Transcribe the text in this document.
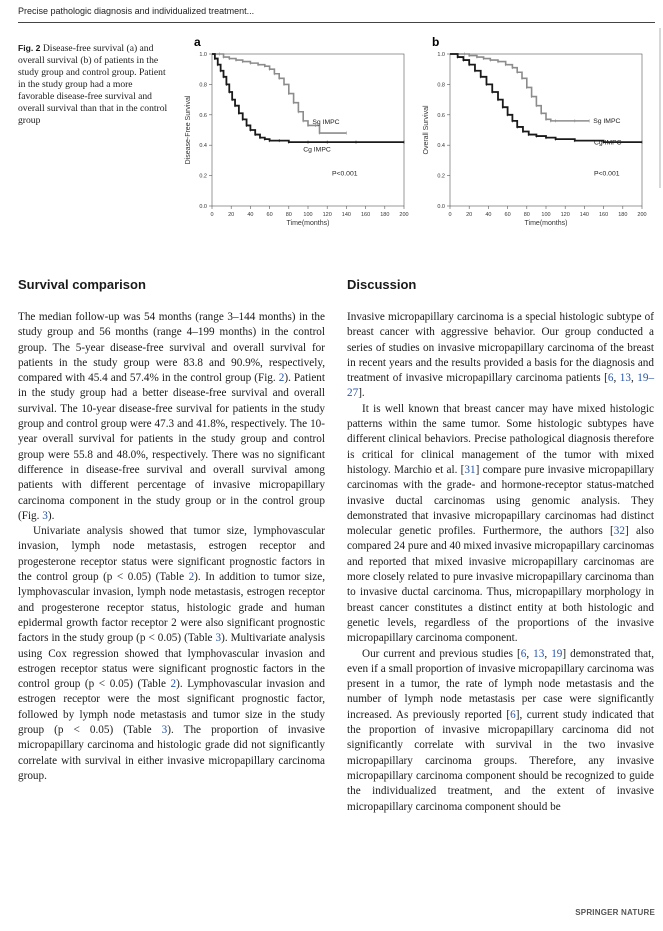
Precise pathologic diagnosis and individualized treatment...
Fig. 2 Disease-free survival (a) and overall survival (b) of patients in the study group and control group. Patient in the study group had a more favorable disease-free survival and overall survival than that in the control group
a
0.0
0.2
0.4
0.6
0.8
1.0
0	20 40 60 80 100 120 140 160 180 200
Time(months)
Disease-Free Survival	Sg IMPC
Cg IMPC
P<0.001
b
0.0
0.2
0.4
0.6
0.8
1.0
0	20 40 60 80 100 120 140 160 180 200
Time(months)
Overall Survival	Sg IMPC
Cg IMPC
P<0.001
Survival comparison	Discussion

The median follow-up was 54 months (range 3–144 months) in the study group and 56 months (range 4–199 months) in the control group. The 5-year disease-free survival and overall survival for patients in the study group were 83.8 and 90.9%, respectively, compared with 45.4 and 57.4% in the control group (Fig. 2). Patient in the study group had a better disease-free survival and overall survival. The 10-year disease-free survival for patients in the study group and control group were 47.3 and 41.8%, respectively. The 10-year overall survival for patients in the study group and control group were 55.8 and 48.0%, respectively. There was no significant difference in disease-free survival and overall survival among patients with different percentage of invasive micropapillary carcinoma component in the study group or in the control group (Fig. 3).

Univariate analysis showed that tumor size, lymphovascular invasion, lymph node metastasis, estrogen receptor and progesterone receptor status were significant prognostic factors in the control group (p < 0.05) (Table 2). In addition to tumor size, lymphovascular invasion, lymph node metastasis, estrogen receptor and progesterone receptor status, histologic grade and human epidermal growth factor receptor 2 were also significant prognostic factors in the study group (p < 0.05) (Table 3). Multivariate analysis using Cox regression showed that lymphovascular invasion and estrogen receptor status were significant prognostic factors in the control group (p < 0.05) (Table 2). Lymphovascular invasion and estrogen receptor were the most significant prognostic factor, followed by lymph node metastasis and tumor size in the study group (p < 0.05) (Table 3). The proportion of invasive micropapillary carcinoma and histologic grade did not significantly correlate with survival in either invasive micropapillary carcinoma group.

Invasive micropapillary carcinoma is a special histologic subtype of breast cancer with aggressive behavior. Our group conducted a series of studies on invasive micropapillary carcinoma of the breast in recent years and the results provided a basis for the diagnosis and treatment of invasive micropapillary carcinoma patients [6, 13, 19–27].

It is well known that breast cancer may have mixed histologic patterns within the same tumor. Some histologic subtypes have different clinical behaviors. Precise pathological diagnosis therefore is critical for clinical management of the tumor with mixed histology. Marchio et al. [31] compare pure invasive micropapillary carcinomas with the grade- and hormone-receptor status-matched invasive ductal carcinomas using genomic analysis. They demonstrated that invasive micropapillary carcinomas had distinct molecular genetic profiles. Furthermore, the authors [32] also compared 24 pure and 40 mixed invasive micropapillary carcinomas and reported that mixed invasive micropapillary carcinomas are more closely related to pure invasive micropapillary carcinoma than to invasive ductal carcinoma. Thus, micropapillary morphology in breast cancer constitutes a distinct entity at both histologic and genetic levels, regardless of the proportions of the invasive micropapillary carcinoma component.

Our current and previous studies [6, 13, 19] demonstrated that, even if a small proportion of invasive micropapillary carcinoma was present in a tumor, the rate of lymph node metastasis and the number of lymph node metastasis per case were significantly increased. As previously reported [6], current study indicated that the proportion of invasive micropapillary carcinoma did not significantly correlate with survival in the two invasive micropapillary carcinoma groups. Therefore, any invasive micropapillary carcinoma component should be recognized to guide the individualized treatment, and the extent of invasive micropapillary carcinoma component should be

SPRINGER NATURE
